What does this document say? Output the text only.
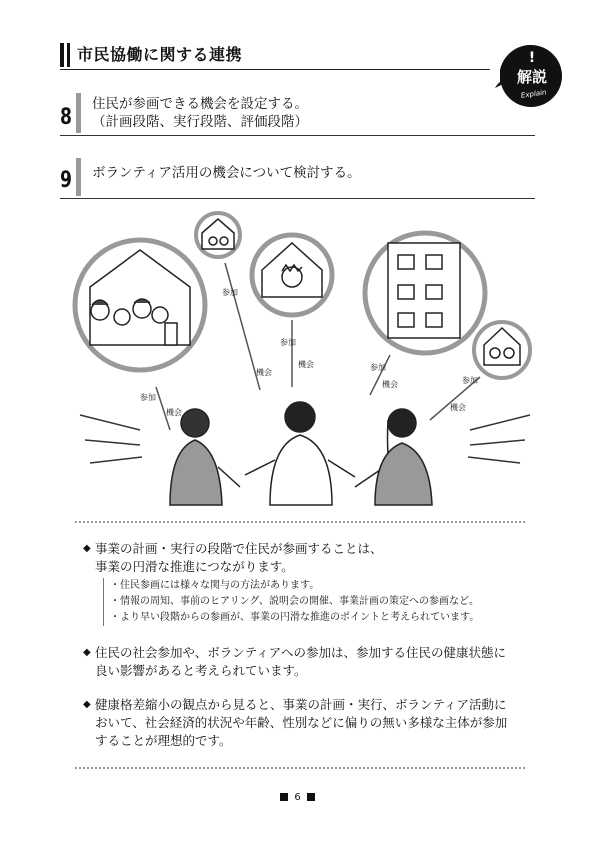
市民協働に関する連携	!
解説
Explain
8
住民が参画できる機会を設定する。
（計画段階、実行段階、評価段階）
9 ボランティア活用の機会について検討する。
参加
機会
参加
機会
参加
機会	参加
機会	参加
機会
◆ 事業の計画・実行の段階で住民が参画することは、
事業の円滑な推進につながります。
・住民参画には様々な関与の方法があります。
・情報の周知、事前のヒアリング、説明会の開催、事業計画の策定への参画など。
・より早い段階からの参画が、事業の円滑な推進のポイントと考えられています。
◆ 住民の社会参加や、ボランティアへの参加は、参加する住民の健康状態に
良い影響があると考えられています。
◆ 健康格差縮小の観点から見ると、事業の計画・実行、ボランティア活動に
おいて、社会経済的状況や年齢、性別などに偏りの無い多様な主体が参加
することが理想的です。
6
